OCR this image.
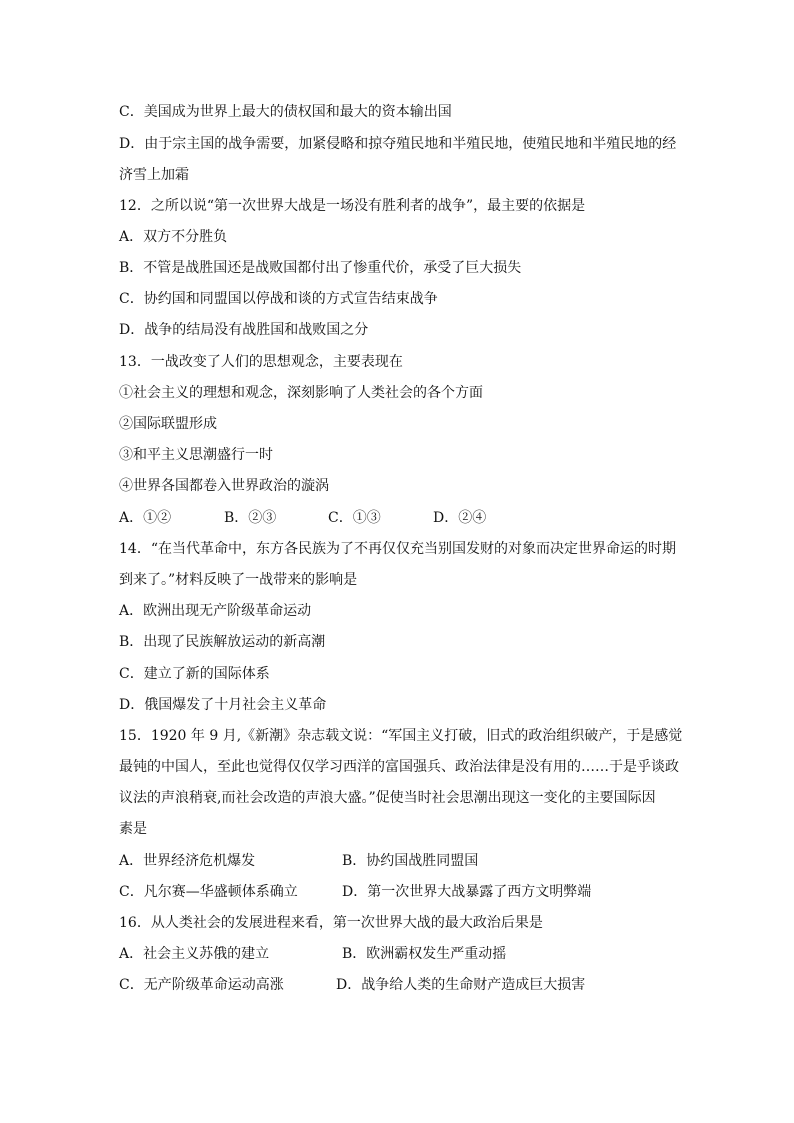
C．美国成为世界上最大的债权国和最大的资本输出国
D．由于宗主国的战争需要，加紧侵略和掠夺殖民地和半殖民地，使殖民地和半殖民地的经
济雪上加霜
12．之所以说“第一次世界大战是一场没有胜利者的战争”，最主要的依据是
A．双方不分胜负
B．不管是战胜国还是战败国都付出了惨重代价，承受了巨大损失
C．协约国和同盟国以停战和谈的方式宣告结束战争
D．战争的结局没有战胜国和战败国之分
13．一战改变了人们的思想观念，主要表现在
①社会主义的理想和观念，深刻影响了人类社会的各个方面
②国际联盟形成
③和平主义思潮盛行一时
④世界各国都卷入世界政治的漩涡
A．①②	B．②③	C．①③	D．②④
14．“在当代革命中，东方各民族为了不再仅仅充当别国发财的对象而决定世界命运的时期
到来了。”材料反映了一战带来的影响是
A．欧洲出现无产阶级革命运动
B．出现了民族解放运动的新高潮
C．建立了新的国际体系
D．俄国爆发了十月社会主义革命
15．1920 年 9 月,《新潮》杂志载文说：“军国主义打破，旧式的政治组织破产，于是感觉
最钝的中国人，至此也觉得仅仅学习西洋的富国强兵、政治法律是没有用的……于是乎谈政
议法的声浪稍衰,而社会改造的声浪大盛。”促使当时社会思潮出现这一变化的主要国际因
素是
A．世界经济危机爆发	B．协约国战胜同盟国
C．凡尔赛—华盛顿体系确立	D．第一次世界大战暴露了西方文明弊端
16．从人类社会的发展进程来看，第一次世界大战的最大政治后果是
A．社会主义苏俄的建立	B．欧洲霸权发生严重动摇
C．无产阶级革命运动高涨	D．战争给人类的生命财产造成巨大损害
